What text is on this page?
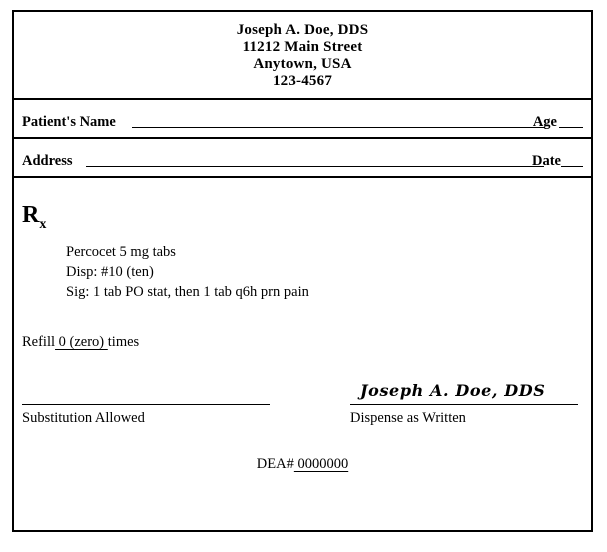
Joseph A. Doe, DDS
11212 Main Street
Anytown, USA
123-4567
Patient's Name	Age
Address	Date
$R_x$
Percocet 5 mg tabs
Disp: #10 (ten)
Sig: 1 tab PO stat, then 1 tab q6h prn pain
Refill 0 (zero) times
Joseph A. Doe, DDS
Substitution Allowed	Dispense as Written
DEA# 0000000
